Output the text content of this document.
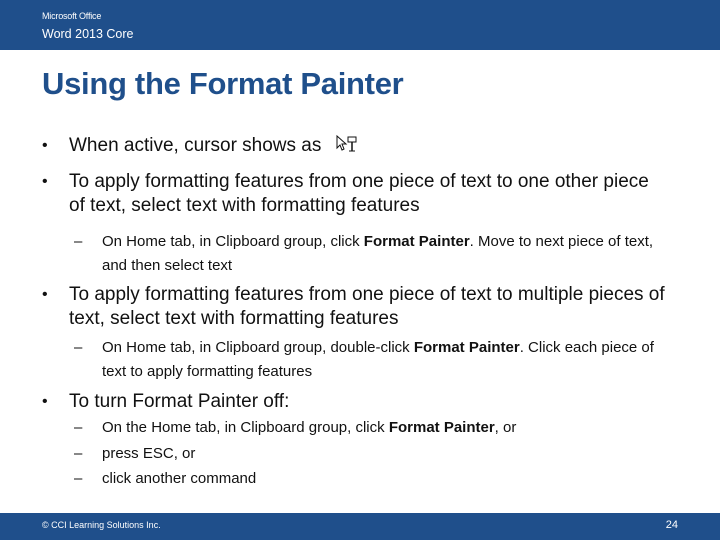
Microsoft Office
Word 2013 Core
Using the Format Painter
• When active, cursor shows as
• To apply formatting features from one piece of text to one other piece of text, select text with formatting features
– On Home tab, in Clipboard group, click Format Painter. Move to next piece of text, and then select text
• To apply formatting features from one piece of text to multiple pieces of text, select text with formatting features
– On Home tab, in Clipboard group, double-click Format Painter. Click each piece of text to apply formatting features
• To turn Format Painter off:
– On the Home tab, in Clipboard group, click Format Painter, or
– press ESC, or
– click another command
© CCI Learning Solutions Inc.	24
